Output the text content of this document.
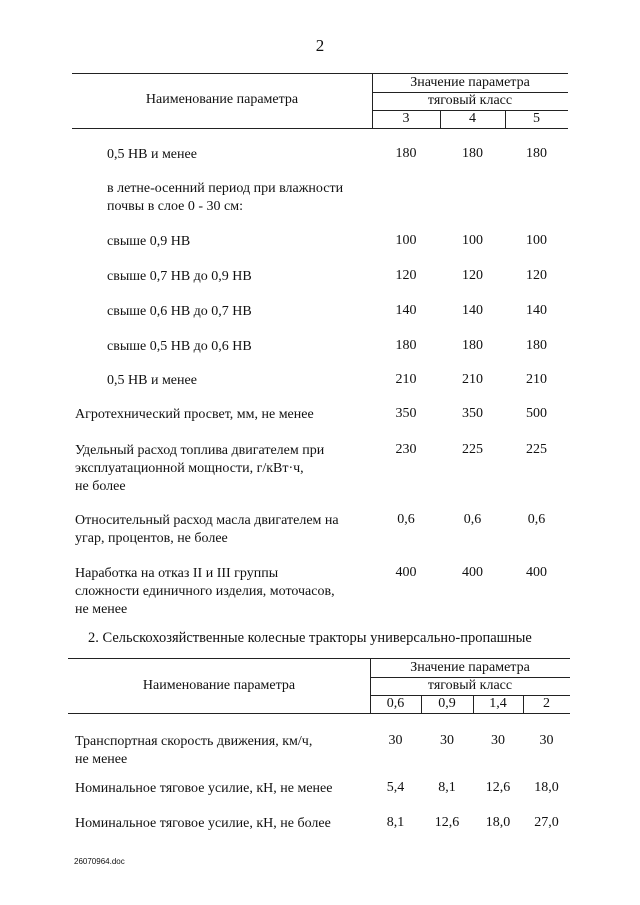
2
Наименование параметра
Значение параметра
тяговый класс
3	4	5
0,5 НВ и менее	180	180	180
в летне-осенний период при влажности
почвы в слое 0 - 30 см:
свыше 0,9 НВ	100	100	100
свыше 0,7 НВ до 0,9 НВ	120	120	120
свыше 0,6 НВ до 0,7 НВ	140	140	140
свыше 0,5 НВ до 0,6 НВ	180	180	180
0,5 НВ и менее	210	210	210
Агротехнический просвет, мм, не менее	350	350	500
Удельный расход топлива двигателем при
эксплуатационной мощности, г/кВт·ч,
не более
230	225	225
Относительный расход масла двигателем на
угар, процентов, не более
0,6	0,6	0,6
Наработка на отказ II и III группы
сложности единичного изделия, моточасов,
не менее
400	400	400
2. Сельскохозяйственные колесные тракторы универсально-пропашные
Наименование параметра
Значение параметра
тяговый класс
0,6	0,9	1,4	2
Транспортная скорость движения, км/ч,
не менее
30	30	30	30
Номинальное тяговое усилие, кН, не менее	5,4	8,1	12,6	18,0
Номинальное тяговое усилие, кН, не более	8,1	12,6	18,0	27,0
26070964.doc
